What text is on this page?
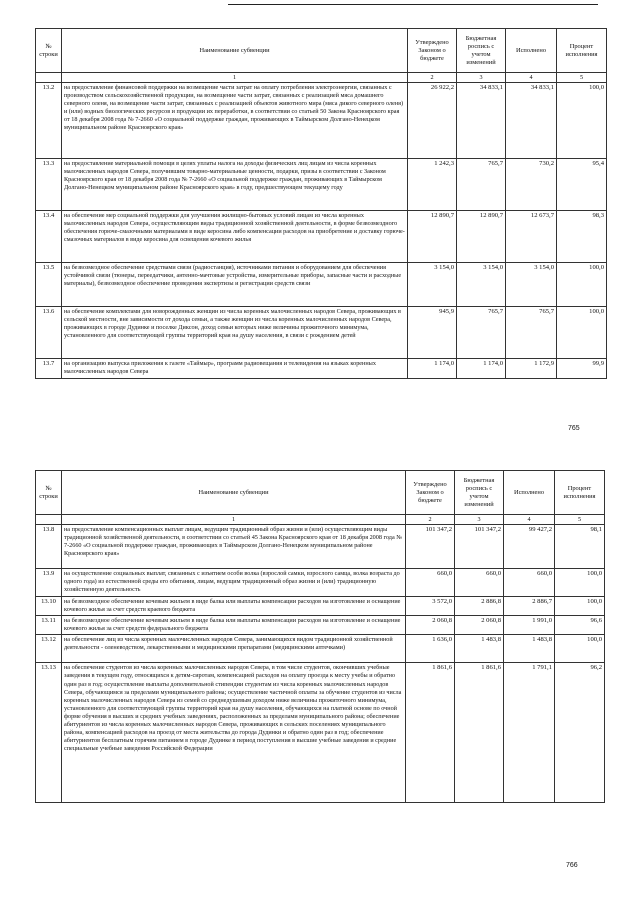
№ строки	Наименование субвенции	Утверждено Законом о бюджете	Бюджетная роспись с учетом изменений	Исполнено	Процент исполнения
	1	2	3	4	5
13.2	на предоставление финансовой поддержки на возмещение части затрат на оплату потребления электроэнергии, связанных с производством сельскохозяйственной продукции, на возмещение части затрат, связанных с реализацией мяса домашнего северного оленя, на возмещение части затрат, связанных с реализацией объектов животного мира (мяса дикого северного оленя) и (или) водных биологических ресурсов и продукции их переработки, в соответствии со статьей 50 Закона Красноярского края от 18 декабря 2008 года № 7-2660 «О социальной поддержке граждан, проживающих в Таймырском Долгано-Ненецком муниципальном районе Красноярского края»	26 922,2	34 833,1	34 833,1	100,0
13.3	на предоставление материальной помощи в целях уплаты налога на доходы физических лиц лицам из числа коренных малочисленных народов Севера, получившим товарно-материальные ценности, подарки, призы в соответствии с Законом Красноярского края от 18 декабря 2008 года № 7-2660 «О социальной поддержке граждан, проживающих в Таймырском Долгано-Ненецком муниципальном районе Красноярского края» в году, предшествующем текущему году	1 242,3	765,7	730,2	95,4
13.4	на обеспечение мер социальной поддержки для улучшения жилищно-бытовых условий лицам из числа коренных малочисленных народов Севера, осуществляющим виды традиционной хозяйственной деятельности, в форме безвозмездного обеспечения горюче-смазочными материалами в виде керосина либо компенсации расходов на приобретение и доставку горюче-смазочных материалов в виде керосина для освещения кочевого жилья	12 890,7	12 890,7	12 673,7	98,3
13.5	на безвозмездное обеспечение средствами связи (радиостанция), источниками питания и оборудованием для обеспечения устойчивой связи (тюнеры, переедатчики, антенно-мачтовые устройства, измерительные приборы, запасные части и расходные материалы), безвозмездное обеспечение проведения экспертизы и регистрации средств связи	3 154,0	3 154,0	3 154,0	100,0
13.6	на обеспечение комплектами для новорожденных женщин из числа коренных малочисленных народов Севера, проживающих в сельской местности, вне зависимости от дохода семьи, а также женщин из числа коренных малочисленных народов Севера, проживающих в городе Дудинке и поселке Диксон, доход семьи которых ниже величины прожиточного минимума, установленного для соответствующей группы территорий края на душу населения, в связи с рождением детей	945,9	765,7	765,7	100,0
13.7	на организацию выпуска приложения к газете «Таймыр», программ радиовещания и телевидения на языках коренных малочисленных народов Севера	1 174,0	1 174,0	1 172,9	99,9
765
№ строки	Наименование субвенции	Утверждено Законом о бюджете	Бюджетная роспись с учетом изменений	Исполнено	Процент исполнения
	1	2	3	4	5
13.8	на предоставление компенсационных выплат лицам, ведущим традиционный образ жизни и (или) осуществляющим виды традиционной хозяйственной деятельности, в соответствии со статьей 45 Закона Красноярского края от 18 декабря 2008 года № 7-2660 «О социальной поддержке граждан, проживающих в Таймырском Долгано-Ненецком муниципальном районе Красноярского края»	101 347,2	101 347,2	99 427,2	98,1
13.9	на осуществление социальных выплат, связанных с изъятием особи волка (взрослой самки, взрослого самца, волка возраста до одного года) из естественной среды его обитания, лицам, ведущим традиционный образ жизни и (или) традиционную хозяйственную деятельность	660,0	660,0	660,0	100,0
13.10	на безвозмездное обеспечение кочевым жильем в виде балка или выплаты компенсации расходов на изготовление и оснащение кочевого жилья за счет средств краевого бюджета	3 572,0	2 886,8	2 886,7	100,0
13.11	на безвозмездное обеспечение кочевым жильем в виде балка или выплаты компенсации расходов на изготовление и оснащение кочевого жилья за счет средств федерального бюджета	2 060,8	2 060,8	1 991,0	96,6
13.12	на обеспечение лиц из числа коренных малочисленных народов Севера, занимающихся видом традиционной хозяйственной деятельности - оленеводством, лекарственными и медицинскими препаратами (медицинскими аптечками)	1 636,0	1 483,8	1 483,8	100,0
13.13	на обеспечение студентов из числа коренных малочисленных народов Севера, в том числе студентов, окончивших учебные заведения в текущем году, относящихся к детям-сиротам, компенсацией расходов на оплату проезда к месту учебы и обратно один раз в год; осуществление выплаты дополнительной стипендии студентам из числа коренных малочисленных народов Севера, обучающимся за пределами муниципального района; осуществление частичной оплаты за обучение студентов из числа коренных малочисленных народов Севера из семей со среднедушевым доходом ниже величины прожиточного минимума, установленного для соответствующей группы территорий края на душу населения, обучающихся на платной основе по очной форме обучения в высших и средних учебных заведениях, расположенных за пределами муниципального района; обеспечение абитуриентов из числа коренных малочисленных народов Севера, проживающих в сельских поселениях муниципального района, компенсацией расходов на проезд от места жительства до города Дудинки и обратно один раз в год; обеспечение абитуриентов бесплатным горячим питанием в городе Дудинке в период поступления в высшие учебные заведения и средние специальные учебные заведения Российской Федерации	1 861,6	1 861,6	1 791,1	96,2
766
